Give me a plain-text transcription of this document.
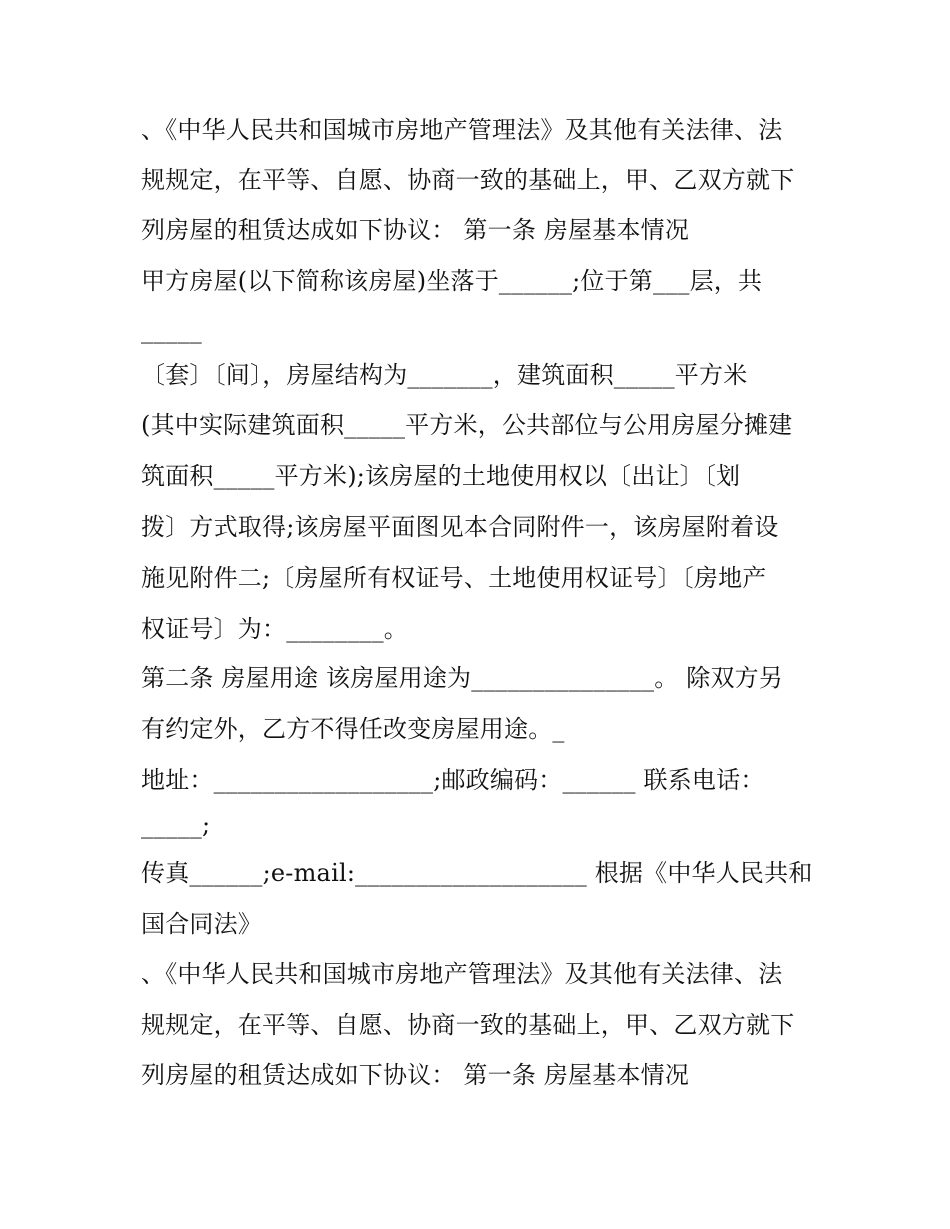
、《中华人民共和国城市房地产管理法》及其他有关法律、法
规规定，在平等、自愿、协商一致的基础上，甲、乙双方就下
列房屋的租赁达成如下协议： 第一条 房屋基本情况
甲方房屋(以下简称该房屋)坐落于______;位于第___层，共
_____
〔套〕〔间〕，房屋结构为_______，建筑面积_____平方米
(其中实际建筑面积_____平方米，公共部位与公用房屋分摊建
筑面积_____平方米);该房屋的土地使用权以〔出让〕〔划
拨〕方式取得;该房屋平面图见本合同附件一，该房屋附着设
施见附件二;〔房屋所有权证号、土地使用权证号〕〔房地产
权证号〕为：________。
第二条 房屋用途 该房屋用途为_______________。 除双方另
有约定外，乙方不得任改变房屋用途。_
地址：__________________;邮政编码：______ 联系电话：
_____;
传真______;e-mail:___________________ 根据《中华人民共和
国合同法》
、《中华人民共和国城市房地产管理法》及其他有关法律、法
规规定，在平等、自愿、协商一致的基础上，甲、乙双方就下
列房屋的租赁达成如下协议： 第一条 房屋基本情况
